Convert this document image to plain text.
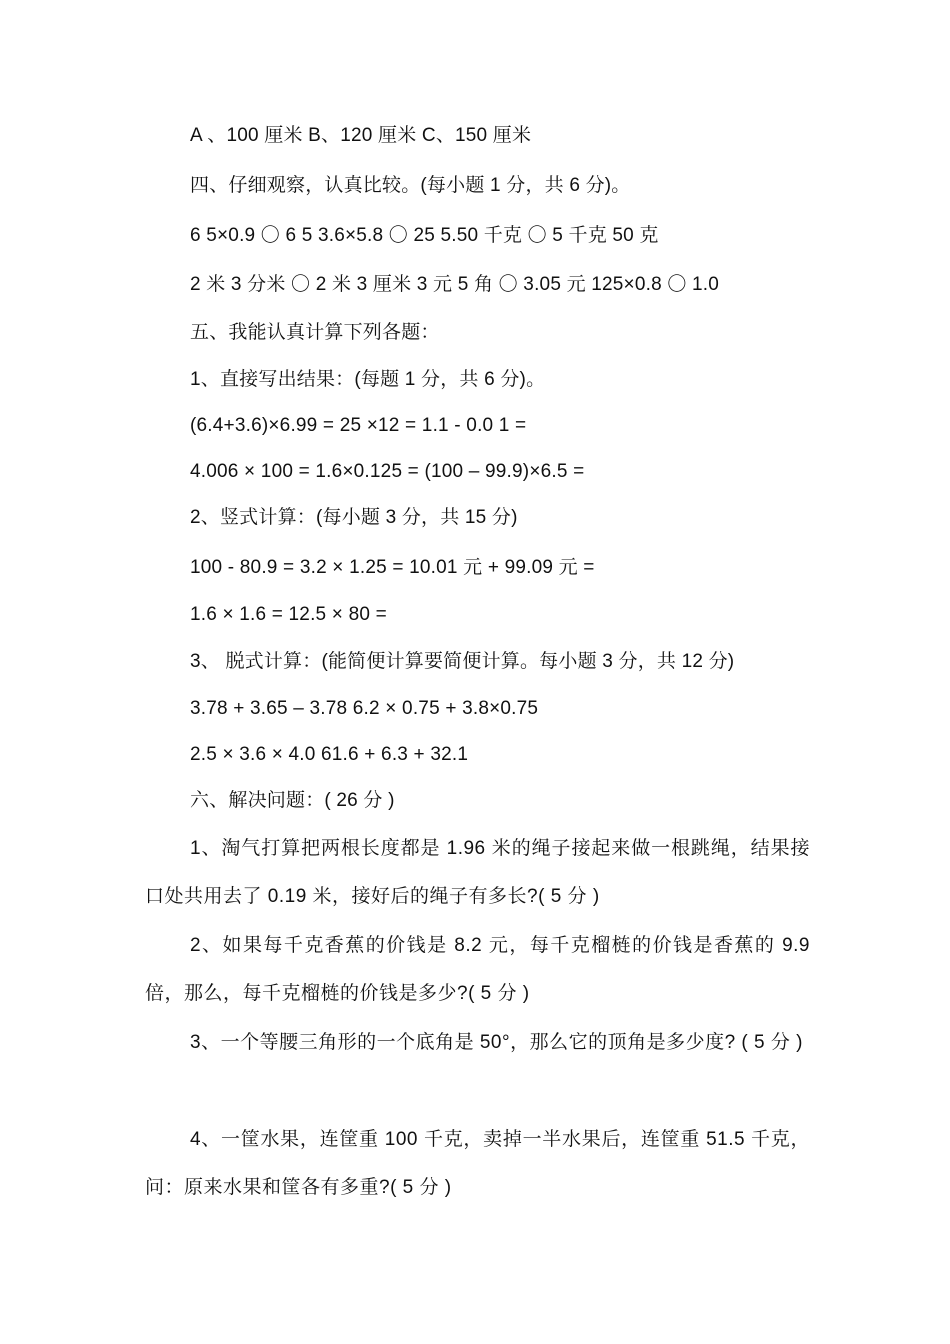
A 、100 厘米 B、120 厘米 C、150 厘米
四、仔细观察，认真比较。(每小题 1 分，共 6 分)。
6 5×0.9 〇 6 5 3.6×5.8 〇 25 5.50 千克 〇 5 千克 50 克
2 米 3 分米 〇 2 米 3 厘米 3 元 5 角 〇 3.05 元 125×0.8 〇 1.0
五、我能认真计算下列各题：
1、直接写出结果：(每题 1 分，共 6 分)。
(6.4+3.6)×6.99 = 25 ×12 = 1.1 - 0.0 1 =
4.006 × 100 = 1.6×0.125 = (100 – 99.9)×6.5 =
2、竖式计算：(每小题 3 分，共 15 分)
100 - 80.9 = 3.2 × 1.25 = 10.01 元 + 99.09 元 =
1.6 × 1.6 = 12.5 × 80 =
3、 脱式计算：(能简便计算要简便计算。每小题 3 分，共 12 分)
3.78 + 3.65 – 3.78 6.2 × 0.75 + 3.8×0.75
2.5 × 3.6 × 4.0 61.6 + 6.3 + 32.1
六、解决问题：( 26 分 )
1、淘气打算把两根长度都是 1.96 米的绳子接起来做一根跳绳，结果接口处共用去了 0.19 米，接好后的绳子有多长?( 5 分 )
2、如果每千克香蕉的价钱是 8.2 元，每千克榴梿的价钱是香蕉的 9.9 倍，那么，每千克榴梿的价钱是多少?( 5 分 )
3、一个等腰三角形的一个底角是 50°，那么它的顶角是多少度? ( 5 分 )
4、一筐水果，连筐重 100 千克，卖掉一半水果后，连筐重 51.5 千克，问：原来水果和筐各有多重?( 5 分 )
